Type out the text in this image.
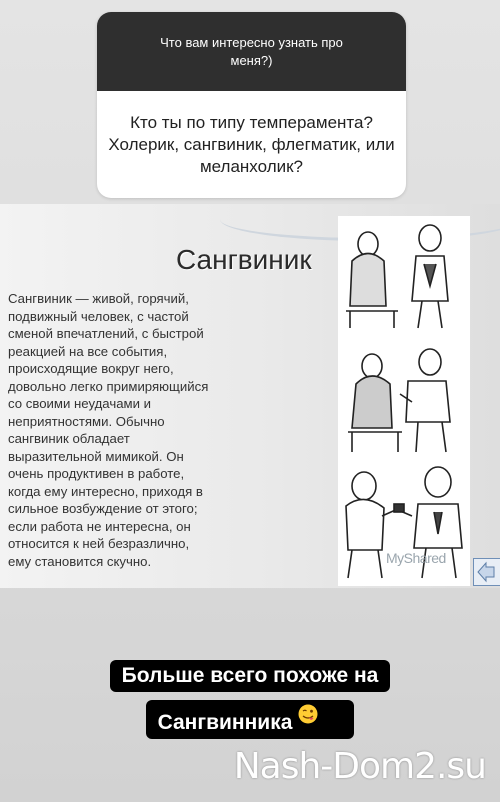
Что вам интересно узнать про меня?)
Кто ты по типу темперамента? Холерик, сангвиник, флегматик, или меланхолик?
Сангвиник
Сангвиник — живой, горячий,
подвижный человек, с частой
сменой впечатлений, с быстрой
реакцией на все события,
происходящие вокруг него,
довольно легко примиряющийся
со своими неудачами и
неприятностями. Обычно
сангвиник обладает
выразительной мимикой. Он
очень продуктивен в работе,
когда ему интересно, приходя в
сильное возбуждение от этого;
если работа не интересна, он
относится к ней безразлично,
ему становится скучно.	MyShared
Больше всего похоже на
Сангвинника
Nash-Dom2.su
